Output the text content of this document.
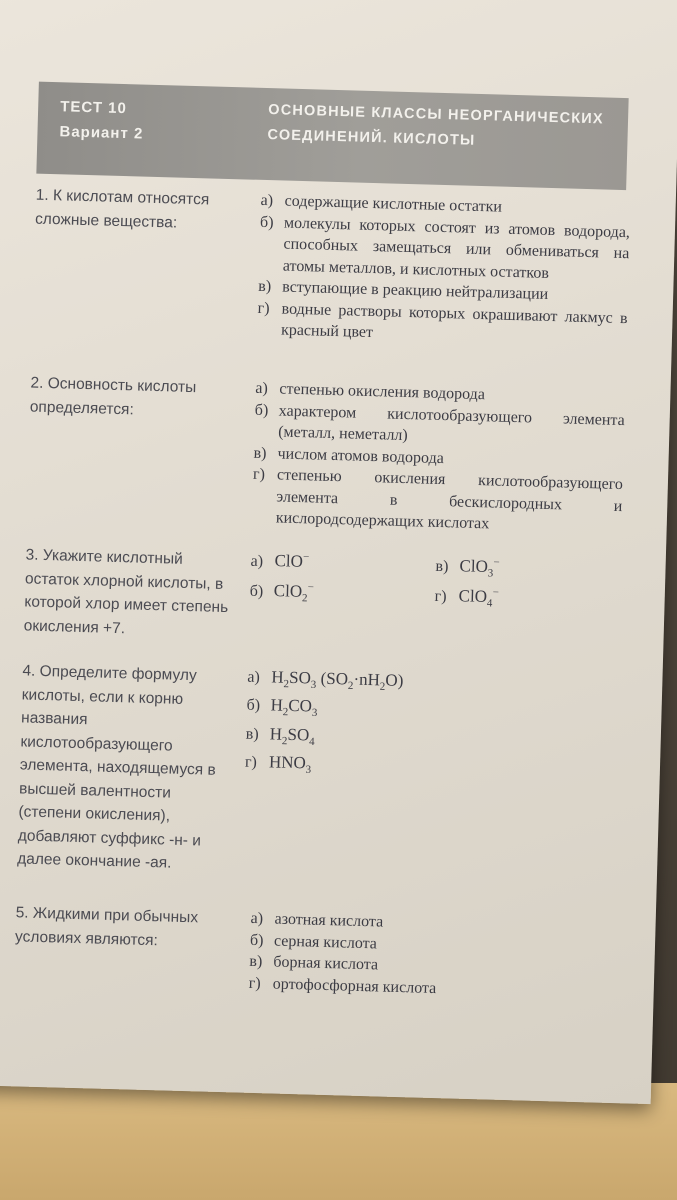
ТЕСТ 10
Вариант 2
ОСНОВНЫЕ КЛАССЫ НЕОРГАНИЧЕСКИХ
СОЕДИНЕНИЙ. КИСЛОТЫ
1. К кислотам относятся сложные вещества:
а) содержащие кислотные остатки
б) молекулы которых состоят из атомов водорода, способных замещаться или обмениваться на атомы металлов, и кислотных остатков
в) вступающие в реакцию нейтрализации
г) водные растворы которых окрашивают лакмус в красный цвет
2. Основность кислоты определяется:
а) степенью окисления водорода
б) характером кислотообразующего элемента (металл, неметалл)
в) числом атомов водорода
г) степенью окисления кислотообразующего элемента в бескислородных и кислородсодержащих кислотах
3. Укажите кислотный остаток хлорной кислоты, в которой хлор имеет степень окисления +7.
а) ClO−
б) ClO$_2$−
в) ClO$_3$−
г) ClO$_4$−
4. Определите формулу кислоты, если к корню названия кислотообразующего элемента, находящемуся в высшей валентности (степени окисления), добавляют суффикс -н- и далее окончание -ая.
а) $H_2SO_3$ $(SO_2\cdot nH_2O)$
б) $H_2CO_3$
в) $H_2SO_4$
г) $HNO_3$
5. Жидкими при обычных условиях являются:
а) азотная кислота
б) серная кислота
в) борная кислота
г) ортофосфорная кислота
